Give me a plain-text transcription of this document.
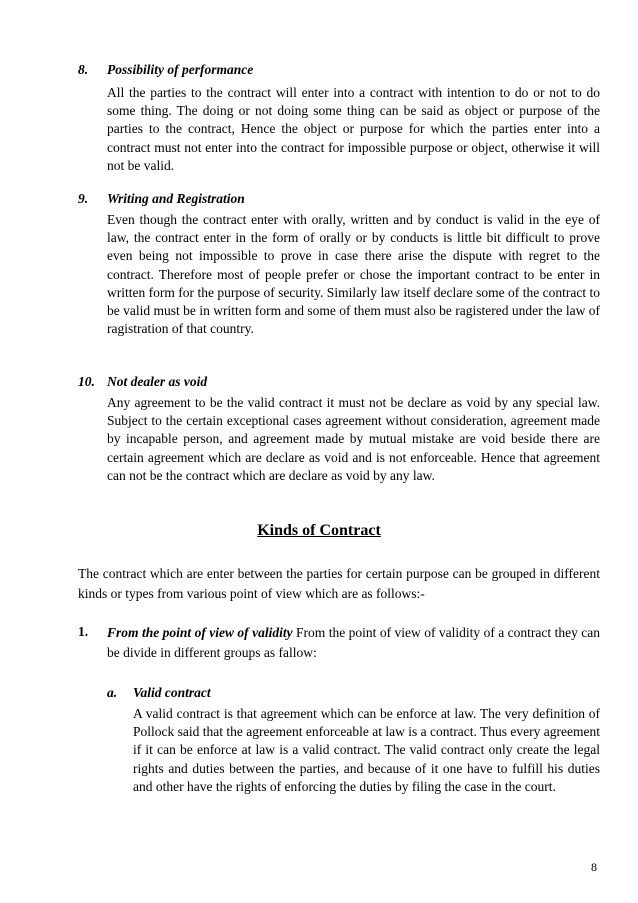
8. Possibility of performance
All the parties to the contract will enter into a contract with intention to do or not to do some thing. The doing or not doing some thing can be said as object or purpose of the parties to the contract, Hence the object or purpose for which the parties enter into a contract must not enter into the contract for impossible purpose or object, otherwise it will not be valid.
9. Writing and Registration
Even though the contract enter with orally, written and by conduct is valid in the eye of law, the contract enter in the form of orally or by conducts is little bit difficult to prove even being not impossible to prove in case there arise the dispute with regret to the contract. Therefore most of people prefer or chose the important contract to be enter in written form for the purpose of security. Similarly law itself declare some of the contract to be valid must be in written form and some of them must also be ragistered under the law of ragistration of that country.
10. Not dealer as void
Any agreement to be the valid contract it must not be declare as void by any special law. Subject to the certain exceptional cases agreement without consideration, agreement made by incapable person, and agreement made by mutual mistake are void beside there are certain agreement which are declare as void and is not enforceable. Hence that agreement can not be the contract which are declare as void by any law.
Kinds of Contract
The contract which are enter between the parties for certain purpose can be grouped in different kinds or types from various point of view which are as follows:-
1. From the point of view of validity From the point of view of validity of a contract they can be divide in different groups as fallow:
a. Valid contract
A valid contract is that agreement which can be enforce at law. The very definition of Pollock said that the agreement enforceable at law is a contract. Thus every agreement if it can be enforce at law is a valid contract. The valid contract only create the legal rights and duties between the parties, and because of it one have to fulfill his duties and other have the rights of enforcing the duties by filing the case in the court.
8
